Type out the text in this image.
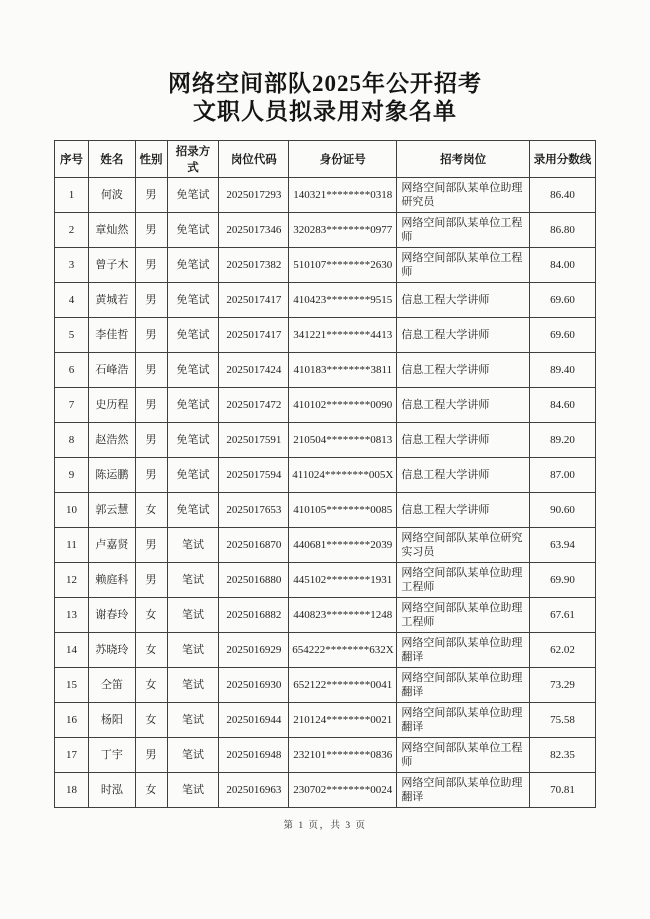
网络空间部队2025年公开招考
文职人员拟录用对象名单
序号	姓名	性别	招录方式	岗位代码	身份证号	招考岗位	录用分数线
1	何波	男	免笔试	2025017293	140321********0318	网络空间部队某单位助理研究员	86.40
2	章灿然	男	免笔试	2025017346	320283********0977	网络空间部队某单位工程师	86.80
3	曾子木	男	免笔试	2025017382	510107********2630	网络空间部队某单位工程师	84.00
4	黄城若	男	免笔试	2025017417	410423********9515	信息工程大学讲师	69.60
5	李佳哲	男	免笔试	2025017417	341221********4413	信息工程大学讲师	69.60
6	石峰浩	男	免笔试	2025017424	410183********3811	信息工程大学讲师	89.40
7	史历程	男	免笔试	2025017472	410102********0090	信息工程大学讲师	84.60
8	赵浩然	男	免笔试	2025017591	210504********0813	信息工程大学讲师	89.20
9	陈运鹏	男	免笔试	2025017594	411024********005X	信息工程大学讲师	87.00
10	郭云慧	女	免笔试	2025017653	410105********0085	信息工程大学讲师	90.60
11	卢嘉贤	男	笔试	2025016870	440681********2039	网络空间部队某单位研究实习员	63.94
12	赖庭科	男	笔试	2025016880	445102********1931	网络空间部队某单位助理工程师	69.90
13	谢春玲	女	笔试	2025016882	440823********1248	网络空间部队某单位助理工程师	67.61
14	苏晓玲	女	笔试	2025016929	654222********632X	网络空间部队某单位助理翻译	62.02
15	仝笛	女	笔试	2025016930	652122********0041	网络空间部队某单位助理翻译	73.29
16	杨阳	女	笔试	2025016944	210124********0021	网络空间部队某单位助理翻译	75.58
17	丁宇	男	笔试	2025016948	232101********0836	网络空间部队某单位工程师	82.35
18	时泓	女	笔试	2025016963	230702********0024	网络空间部队某单位助理翻译	70.81
第 1 页，共 3 页
